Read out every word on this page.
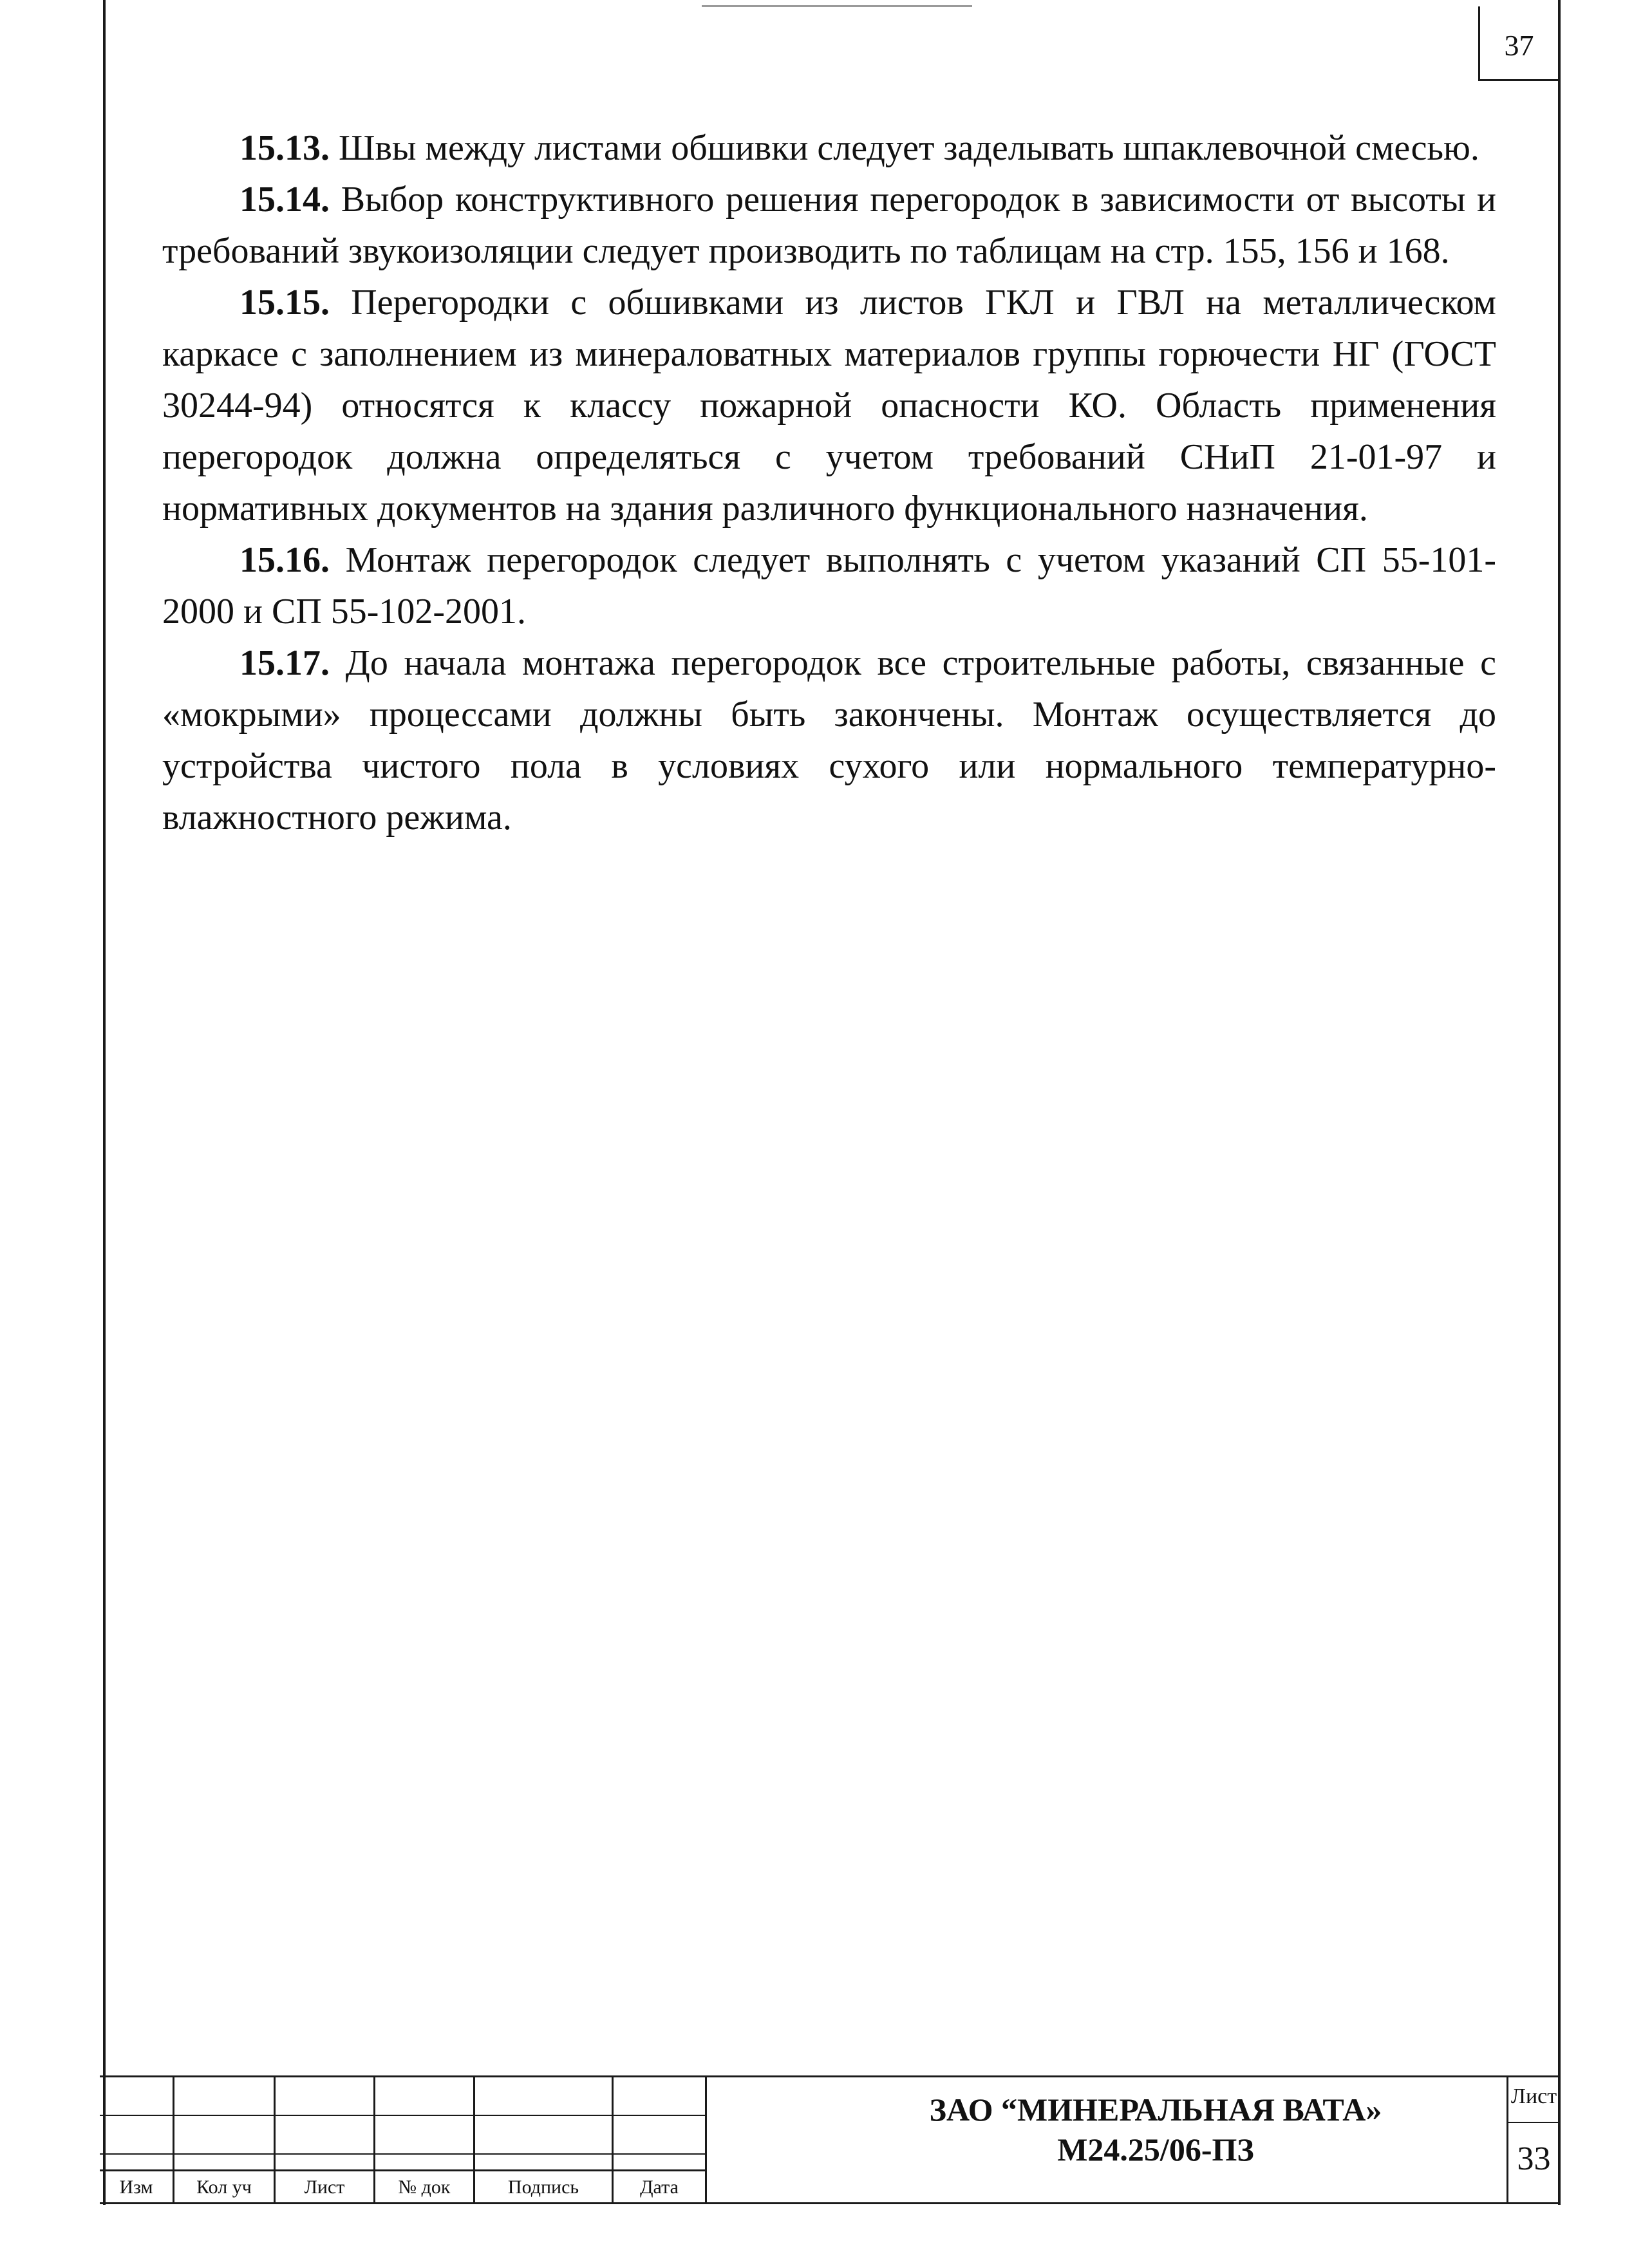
37

15.13. Швы между листами обшивки следует заделывать шпаклевочной смесью.

15.14. Выбор конструктивного решения перегородок в зависимости от высоты и требований звукоизоляции следует производить по таблицам на стр. 155, 156 и 168.

15.15. Перегородки с обшивками из листов ГКЛ и ГВЛ на металлическом каркасе с заполнением из минераловатных материалов группы горючести НГ (ГОСТ 30244-94) относятся к классу пожарной опасности КО. Область применения перегородок должна определяться с учетом требований СНиП 21-01-97 и нормативных документов на здания различного функционального назначения.

15.16. Монтаж перегородок следует выполнять с учетом указаний СП 55-101-2000 и СП 55-102-2001.

15.17. До начала монтажа перегородок все строительные работы, связанные с «мокрыми» процессами должны быть закончены. Монтаж осуществляется до устройства чистого пола в условиях сухого или нормального температурно-влажностного режима.

Изм	Кол уч	Лист	№ док	Подпись	Дата
ЗАО “МИНЕРАЛЬНАЯ ВАТА»
М24.25/06-ПЗ
Лист
33
